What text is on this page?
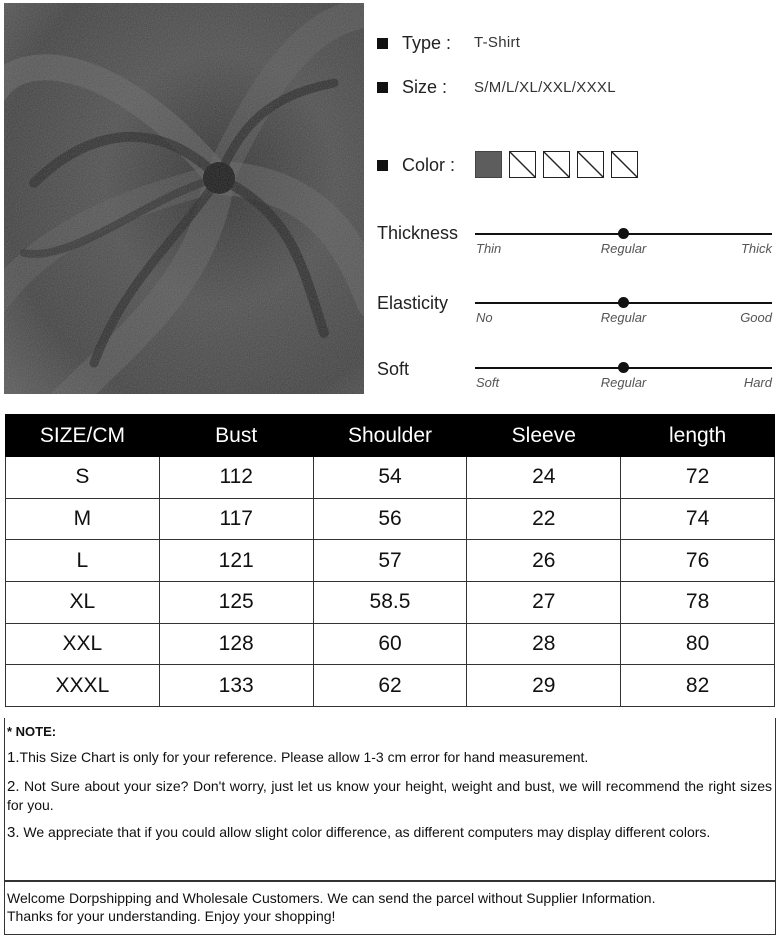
Type : T-Shirt
Size : S/M/L/XL/XXL/XXXL
Color :
Thickness
Thin	Regular	Thick
Elasticity
No	Regular	Good
Soft
Soft	Regular	Hard
SIZE/CM	Bust	Shoulder	Sleeve	length
S	112	54	24	72
M	117	56	22	74
L	121	57	26	76
XL	125	58.5	27	78
XXL	128	60	28	80
XXXL	133	62	29	82
* NOTE:
1.This Size Chart is only for your reference. Please allow 1-3 cm error for hand measurement.
2. Not Sure about your size? Don't worry, just let us know your height, weight and bust, we will recommend the right sizes for you.
3. We appreciate that if you could allow slight color difference, as different computers may display different colors.
Welcome Dorpshipping and Wholesale Customers. We can send the parcel without Supplier Information.
Thanks for your understanding. Enjoy your shopping!
